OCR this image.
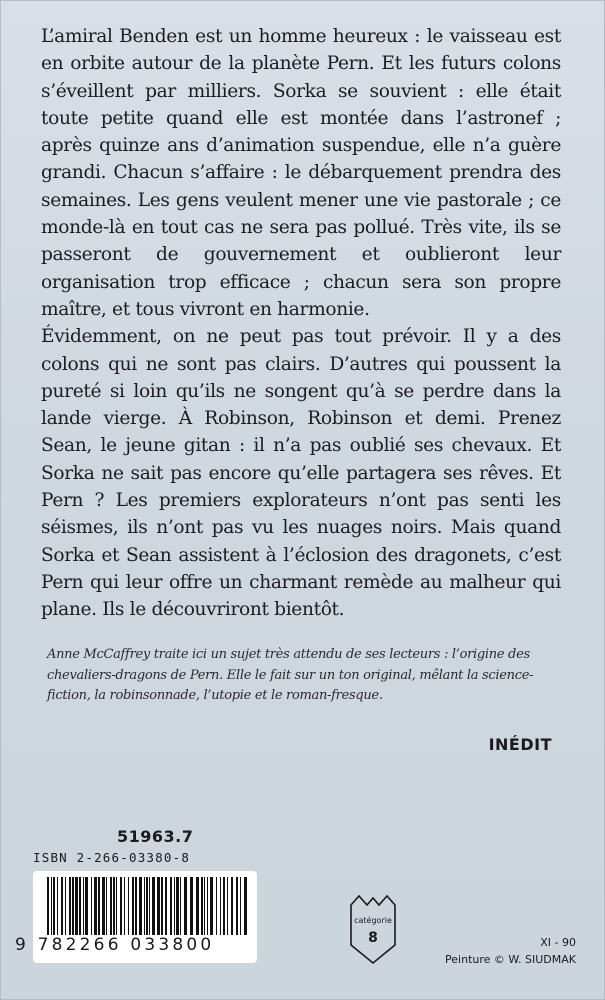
L’amiral Benden est un homme heureux : le vaisseau est en orbite autour de la planète Pern. Et les futurs colons s’éveillent par milliers. Sorka se souvient : elle était toute petite quand elle est montée dans l’astronef ; après quinze ans d’animation suspendue, elle n’a guère grandi. Chacun s’affaire : le débarquement prendra des semaines. Les gens veulent mener une vie pastorale ; ce monde-là en tout cas ne sera pas pollué. Très vite, ils se passeront de gouvernement et oublieront leur organisation trop efficace ; chacun sera son propre maître, et tous vivront en harmonie.

Évidemment, on ne peut pas tout prévoir. Il y a des colons qui ne sont pas clairs. D’autres qui poussent la pureté si loin qu’ils ne songent qu’à se perdre dans la lande vierge. À Robinson, Robinson et demi. Prenez Sean, le jeune gitan : il n’a pas oublié ses chevaux. Et Sorka ne sait pas encore qu’elle partagera ses rêves. Et Pern ? Les premiers explorateurs n’ont pas senti les séismes, ils n’ont pas vu les nuages noirs. Mais quand Sorka et Sean assistent à l’éclosion des dragonets, c’est Pern qui leur offre un charmant remède au malheur qui plane. Ils le découvriront bientôt.

Anne McCaffrey traite ici un sujet très attendu de ses lecteurs : l’origine des chevaliers-dragons de Pern. Elle le fait sur un ton original, mêlant la science-fiction, la robinsonnade, l’utopie et le roman-fresque.
INÉDIT
51963.7
ISBN 2-266-03380-8
9 782266 033800
catégorie
8	XI - 90
Peinture © W. SIUDMAK
